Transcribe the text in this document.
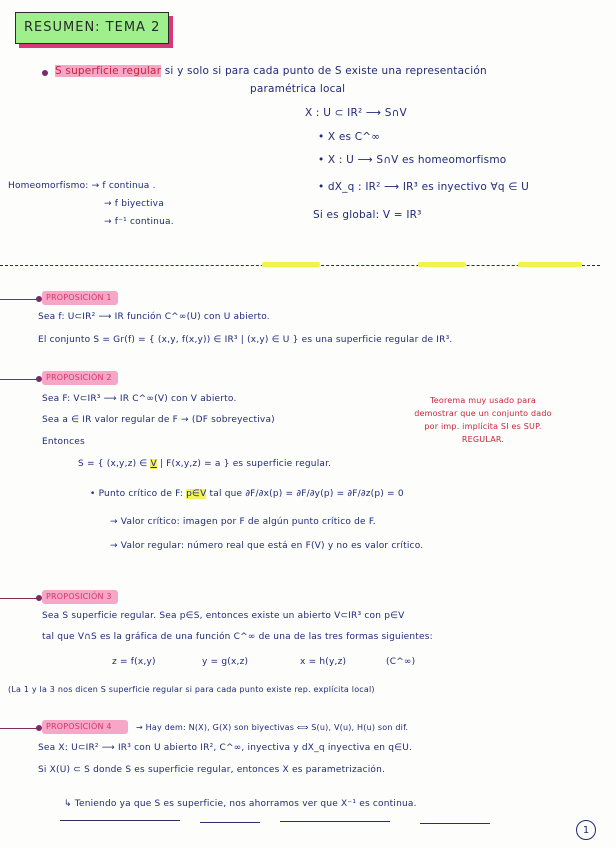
RESUMEN: TEMA 2
S superficie regular si y solo si para cada punto de S existe una representación
paramétrica local
X : U ⊂ IR² ⟶ S∩V
• X es C^∞
• X : U ⟶ S∩V es homeomorfismo
• dX_q : IR² ⟶ IR³ es inyectivo ∀q ∈ U
Si es global: V = IR³
Homeomorfismo: → f continua .
→ f biyectiva
→ f⁻¹ continua.
PROPOSICIÓN 1
Sea f: U⊂IR² ⟶ IR función C^∞(U) con U abierto.
El conjunto S = Gr(f) = { (x,y, f(x,y)) ∈ IR³ | (x,y) ∈ U } es una superficie regular de IR³.
PROPOSICIÓN 2
Sea F: V⊂IR³ ⟶ IR C^∞(V) con V abierto.
Sea a ∈ IR valor regular de F → (DF sobreyectiva)
Entonces
S = { (x,y,z) ∈ V | F(x,y,z) = a } es superficie regular.
Teorema muy usado para demostrar que un conjunto dado por imp. implícita SI es SUP. REGULAR.
• Punto crítico de F: p∈V tal que ∂F/∂x(p) = ∂F/∂y(p) = ∂F/∂z(p) = 0
→ Valor crítico: imagen por F de algún punto crítico de F.
→ Valor regular: número real que está en F(V) y no es valor crítico.
PROPOSICIÓN 3
Sea S superficie regular. Sea p∈S, entonces existe un abierto V⊂IR³ con p∈V
tal que V∩S es la gráfica de una función C^∞ de una de las tres formas siguientes:
z = f(x,y)	y = g(x,z)	x = h(y,z)	(C^∞)
(La 1 y la 3 nos dicen S superficie regular si para cada punto existe rep. explícita local)
PROPOSICIÓN 4	→ Hay dem: N(X), G(X) son biyectivas ⟺ S(u), V(u), H(u) son dif.
Sea X: U⊂IR² ⟶ IR³ con U abierto IR², C^∞, inyectiva y dX_q inyectiva en q∈U.
Si X(U) ⊂ S donde S es superficie regular, entonces X es parametrización.
↳ Teniendo ya que S es superficie, nos ahorramos ver que X⁻¹ es continua.
1
